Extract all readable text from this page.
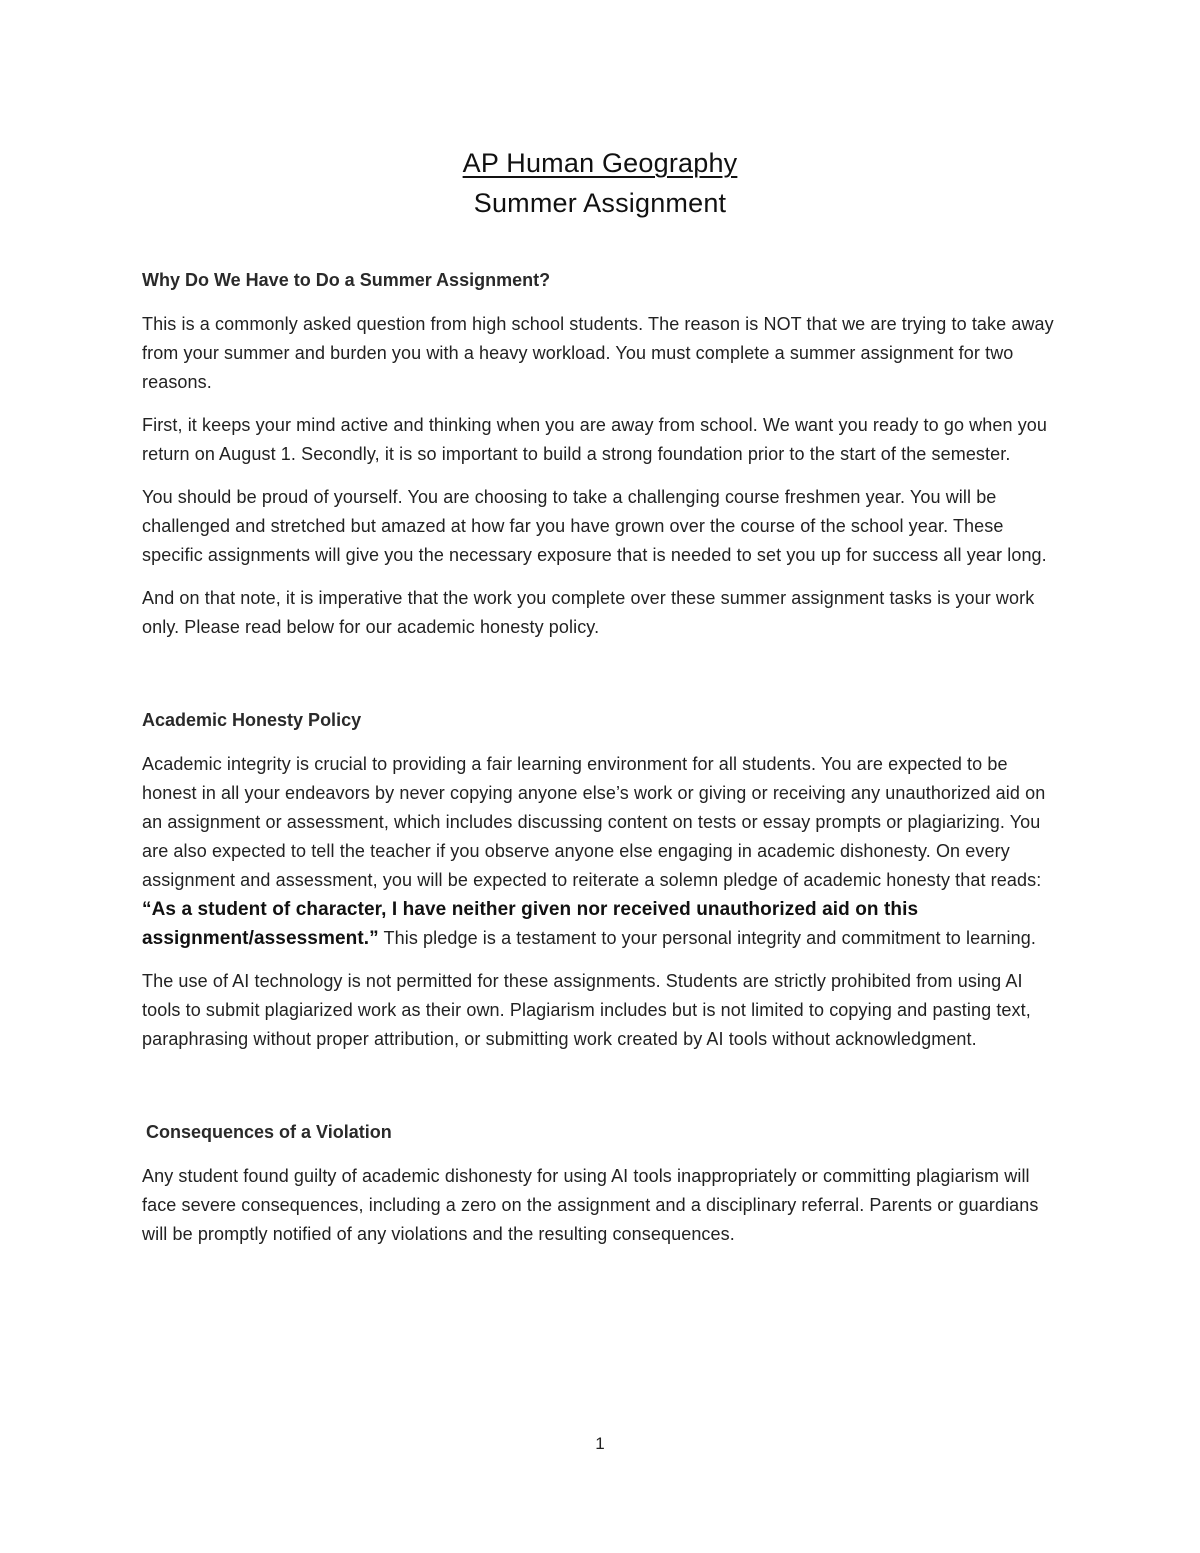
AP Human Geography
Summer Assignment
Why Do We Have to Do a Summer Assignment?

This is a commonly asked question from high school students. The reason is NOT that we are trying to take away from your summer and burden you with a heavy workload. You must complete a summer assignment for two reasons.

First, it keeps your mind active and thinking when you are away from school. We want you ready to go when you return on August 1. Secondly, it is so important to build a strong foundation prior to the start of the semester.

You should be proud of yourself. You are choosing to take a challenging course freshmen year. You will be challenged and stretched but amazed at how far you have grown over the course of the school year. These specific assignments will give you the necessary exposure that is needed to set you up for success all year long.

And on that note, it is imperative that the work you complete over these summer assignment tasks is your work only. Please read below for our academic honesty policy.

Academic Honesty Policy

Academic integrity is crucial to providing a fair learning environment for all students. You are expected to be honest in all your endeavors by never copying anyone else’s work or giving or receiving any unauthorized aid on an assignment or assessment, which includes discussing content on tests or essay prompts or plagiarizing. You are also expected to tell the teacher if you observe anyone else engaging in academic dishonesty. On every assignment and assessment, you will be expected to reiterate a solemn pledge of academic honesty that reads: “As a student of character, I have neither given nor received unauthorized aid on this assignment/assessment.” This pledge is a testament to your personal integrity and commitment to learning.

The use of AI technology is not permitted for these assignments. Students are strictly prohibited from using AI tools to submit plagiarized work as their own. Plagiarism includes but is not limited to copying and pasting text, paraphrasing without proper attribution, or submitting work created by AI tools without acknowledgment.

Consequences of a Violation

Any student found guilty of academic dishonesty for using AI tools inappropriately or committing plagiarism will face severe consequences, including a zero on the assignment and a disciplinary referral. Parents or guardians will be promptly notified of any violations and the resulting consequences.

1
